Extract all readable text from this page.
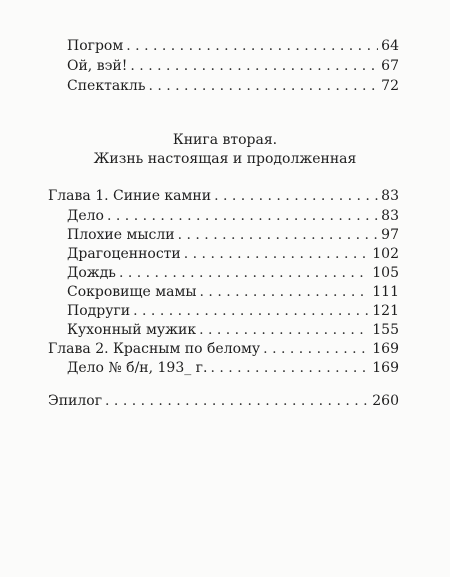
Погром . . .	64
Ой, вэй! . . .	67
Спектакль . . .	72
Книга вторая.
Жизнь настоящая и продолженная
Глава 1. Синие камни . . .	83
Дело . . .	83
Плохие мысли . . .	97
Драгоценности . . .	102
Дождь . . .	105
Сокровище мамы . . .	111
Подруги . . .	121
Кухонный мужик . . .	155
Глава 2. Красным по белому . . .	169
Дело № б/н, 193_ г. . . .	169
Эпилог . . .	260
